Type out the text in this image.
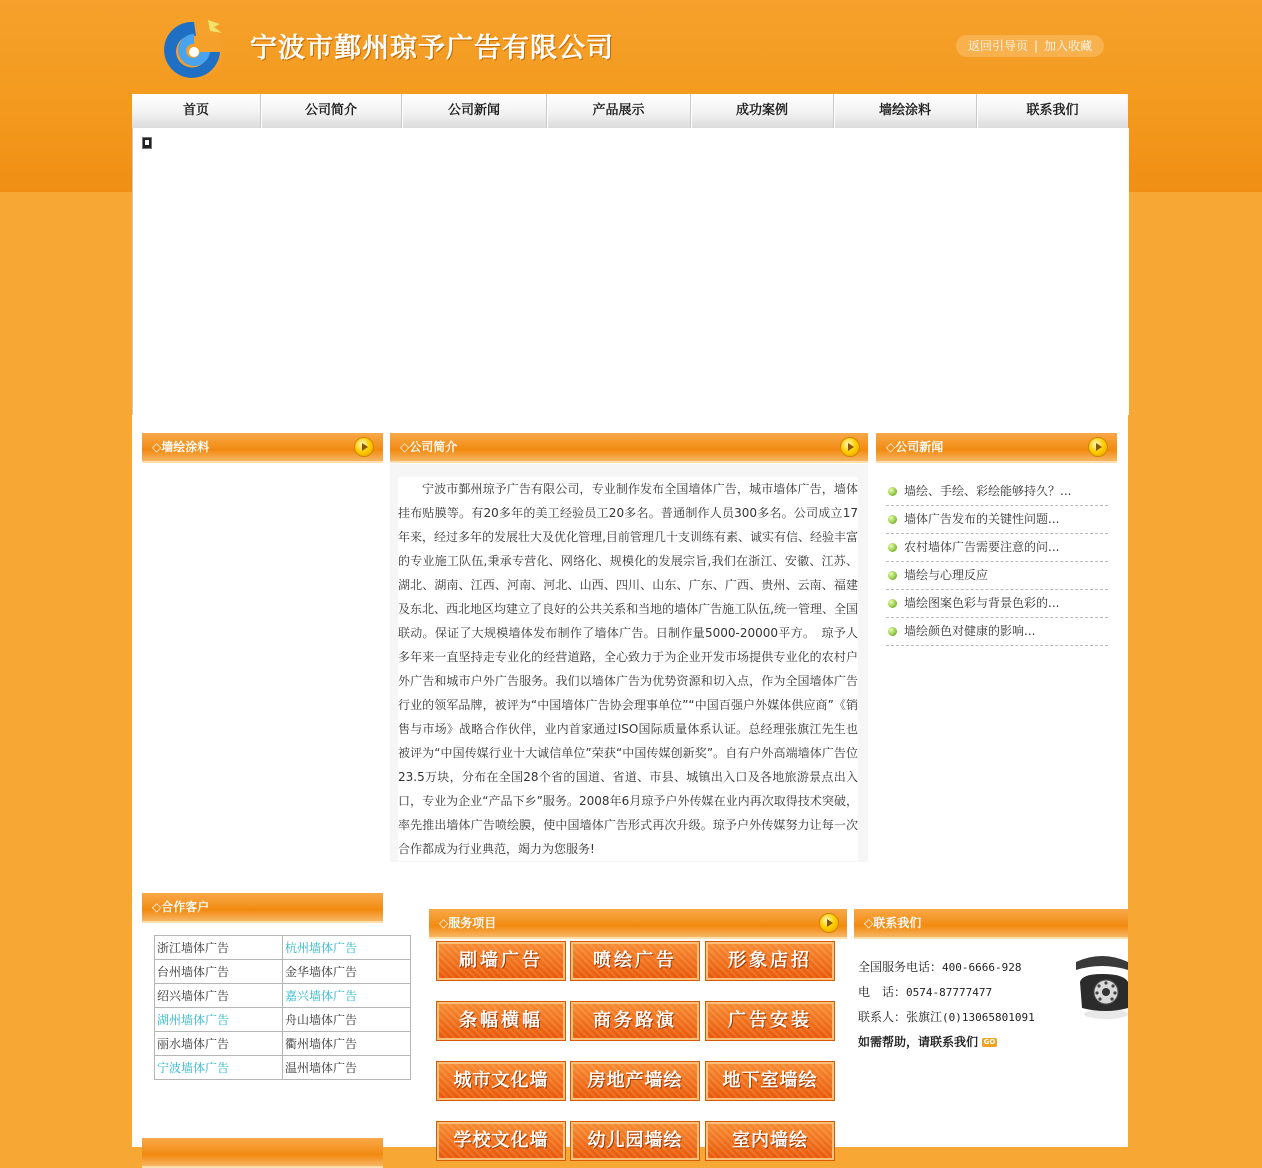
宁波市鄞州琼予广告有限公司	返回引导页 | 加入收藏
首页	公司简介	公司新闻	产品展示	成功案例	墙绘涂料	联系我们
◇墙绘涂料	◇公司简介	◇公司新闻

宁波市鄞州琼予广告有限公司，专业制作发布全国墙体广告，城市墙体广告，墙体挂布贴膜等。有20多年的美工经验员工20多名。普通制作人员300多名。公司成立17年来，经过多年的发展壮大及优化管理,目前管理几十支训练有素、诚实有信、经验丰富的专业施工队伍,秉承专营化、网络化、规模化的发展宗旨,我们在浙江、安徽、江苏、湖北、湖南、江西、河南、河北、山西、四川、山东、广东、广西、贵州、云南、福建及东北、西北地区均建立了良好的公共关系和当地的墙体广告施工队伍,统一管理、全国联动。保证了大规模墙体发布制作了墙体广告。日制作量5000-20000平方。　琼予人多年来一直坚持走专业化的经营道路，全心致力于为企业开发市场提供专业化的农村户外广告和城市户外广告服务。我们以墙体广告为优势资源和切入点，作为全国墙体广告行业的领军品牌，被评为“中国墙体广告协会理事单位”“中国百强户外媒体供应商”《销售与市场》战略合作伙伴，业内首家通过ISO国际质量体系认证。总经理张旗江先生也被评为“中国传媒行业十大诚信单位”荣获“中国传媒创新奖”。自有户外高端墙体广告位23.5万块，分布在全国28个省的国道、省道、市县、城镇出入口及各地旅游景点出入口，专业为企业“产品下乡”服务。2008年6月琼予户外传媒在业内再次取得技术突破，率先推出墙体广告喷绘膜，使中国墙体广告形式再次升级。琼予户外传媒努力让每一次合作都成为行业典范，竭力为您服务!

墙绘、手绘、彩绘能够持久？...
墙体广告发布的关键性问题...
农村墙体广告需要注意的问...
墙绘与心理反应
墙绘图案色彩与背景色彩的...
墙绘颜色对健康的影响...
◇合作客户
◇服务项目	◇联系我们
浙江墙体广告	杭州墙体广告
台州墙体广告	金华墙体广告
绍兴墙体广告	嘉兴墙体广告
湖州墙体广告	舟山墙体广告
丽水墙体广告	衢州墙体广告
宁波墙体广告	温州墙体广告
刷墙广告	喷绘广告	形象店招
条幅横幅	商务路演	广告安装
城市文化墙	房地产墙绘	地下室墙绘
学校文化墙	幼儿园墙绘	室内墙绘
全国服务电话：400-6666-928
电　话：0574-87777477
联系人：张旗江(0)13065801091
如需帮助，请联系我们 GO
